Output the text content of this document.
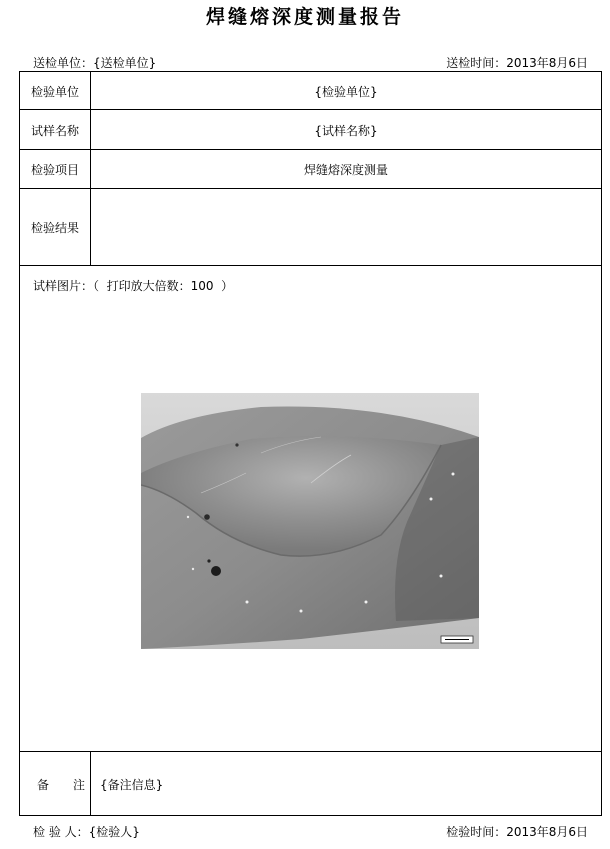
焊缝熔深度测量报告
送检单位：{送检单位}	送检时间：2013年8月6日
检验单位	{检验单位}
试样名称	{试样名称}
检验项目	焊缝熔深度测量
检验结果
试样图片：（  打印放大倍数：100  ）
备　　注	{备注信息}
检 验 人：{检验人}	检验时间：2013年8月6日
